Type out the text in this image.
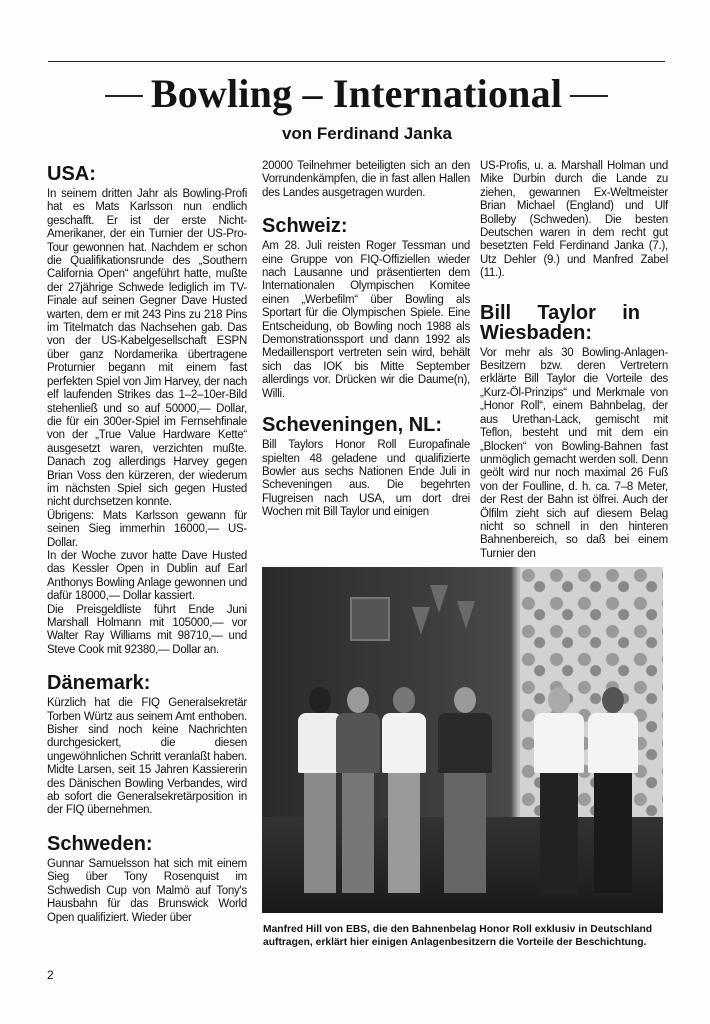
Bowling – International
von Ferdinand Janka
USA:

In seinem dritten Jahr als Bowling-Profi hat es Mats Karlsson nun endlich geschafft. Er ist der erste Nicht-Amerikaner, der ein Turnier der US-Pro-Tour gewonnen hat. Nachdem er schon die Qualifikationsrunde des „Southern California Open“ angeführt hatte, mußte der 27jährige Schwede lediglich im TV-Finale auf seinen Gegner Dave Husted warten, dem er mit 243 Pins zu 218 Pins im Titelmatch das Nachsehen gab. Das von der US-Kabelgesellschaft ESPN über ganz Nordamerika übertragene Proturnier begann mit einem fast perfekten Spiel von Jim Harvey, der nach elf laufenden Strikes das 1–2–10er-Bild stehenließ und so auf 50000,— Dollar, die für ein 300er-Spiel im Fernsehfinale von der „True Value Hardware Kette“ ausgesetzt waren, verzichten mußte. Danach zog allerdings Harvey gegen Brian Voss den kürzeren, der wiederum im nächsten Spiel sich gegen Husted nicht durchsetzen konnte.

Übrigens: Mats Karlsson gewann für seinen Sieg immerhin 16000,— US-Dollar.

In der Woche zuvor hatte Dave Husted das Kessler Open in Dublin auf Earl Anthonys Bowling Anlage gewonnen und dafür 18000,— Dollar kassiert.

Die Preisgeldliste führt Ende Juni Marshall Holmann mit 105000,— vor Walter Ray Williams mit 98710,— und Steve Cook mit 92380,— Dollar an.

Dänemark:

Kürzlich hat die FIQ Generalsekretär Torben Würtz aus seinem Amt enthoben. Bisher sind noch keine Nachrichten durchgesickert, die diesen ungewöhnlichen Schritt veranlaßt haben. Midte Larsen, seit 15 Jahren Kassiererin des Dänischen Bowling Verbandes, wird ab sofort die Generalsekretärposition in der FIQ übernehmen.

Schweden:

Gunnar Samuelsson hat sich mit einem Sieg über Tony Rosenquist im Schwedish Cup von Malmö auf Tony's Hausbahn für das Brunswick World Open qualifiziert. Wieder über

20000 Teilnehmer beteiligten sich an den Vorrundenkämpfen, die in fast allen Hallen des Landes ausgetragen wurden.

Schweiz:

Am 28. Juli reisten Roger Tessman und eine Gruppe von FIQ-Offiziellen wieder nach Lausanne und präsentierten dem Internationalen Olympischen Komitee einen „Werbefilm“ über Bowling als Sportart für die Olympischen Spiele. Eine Entscheidung, ob Bowling noch 1988 als Demonstrationssport und dann 1992 als Medaillensport vertreten sein wird, behält sich das IOK bis Mitte September allerdings vor. Drücken wir die Daume(n), Willi.

Scheveningen, NL:

Bill Taylors Honor Roll Europafinale spielten 48 geladene und qualifizierte Bowler aus sechs Nationen Ende Juli in Scheveningen aus. Die begehrten Flugreisen nach USA, um dort drei Wochen mit Bill Taylor und einigen

US-Profis, u. a. Marshall Holman und Mike Durbin durch die Lande zu ziehen, gewannen Ex-Weltmeister Brian Michael (England) und Ulf Bolleby (Schweden). Die besten Deutschen waren in dem recht gut besetzten Feld Ferdinand Janka (7.), Utz Dehler (9.) und Manfred Zabel (11.).

Bill Taylor in Wiesbaden:

Vor mehr als 30 Bowling-Anlagen-Besitzern bzw. deren Vertretern erklärte Bill Taylor die Vorteile des „Kurz-Öl-Prinzips“ und Merkmale von „Honor Roll“, einem Bahnbelag, der aus Urethan-Lack, gemischt mit Teflon, besteht und mit dem ein „Blocken“ von Bowling-Bahnen fast unmöglich gemacht werden soll. Denn geölt wird nur noch maximal 26 Fuß von der Foulline, d. h. ca. 7–8 Meter, der Rest der Bahn ist ölfrei. Auch der Ölfilm zieht sich auf diesem Belag nicht so schnell in den hinteren Bahnenbereich, so daß bei einem Turnier den

Manfred Hill von EBS, die den Bahnenbelag Honor Roll exklusiv in Deutschland auftragen, erklärt hier einigen Anlagenbesitzern die Vorteile der Beschichtung.
2
